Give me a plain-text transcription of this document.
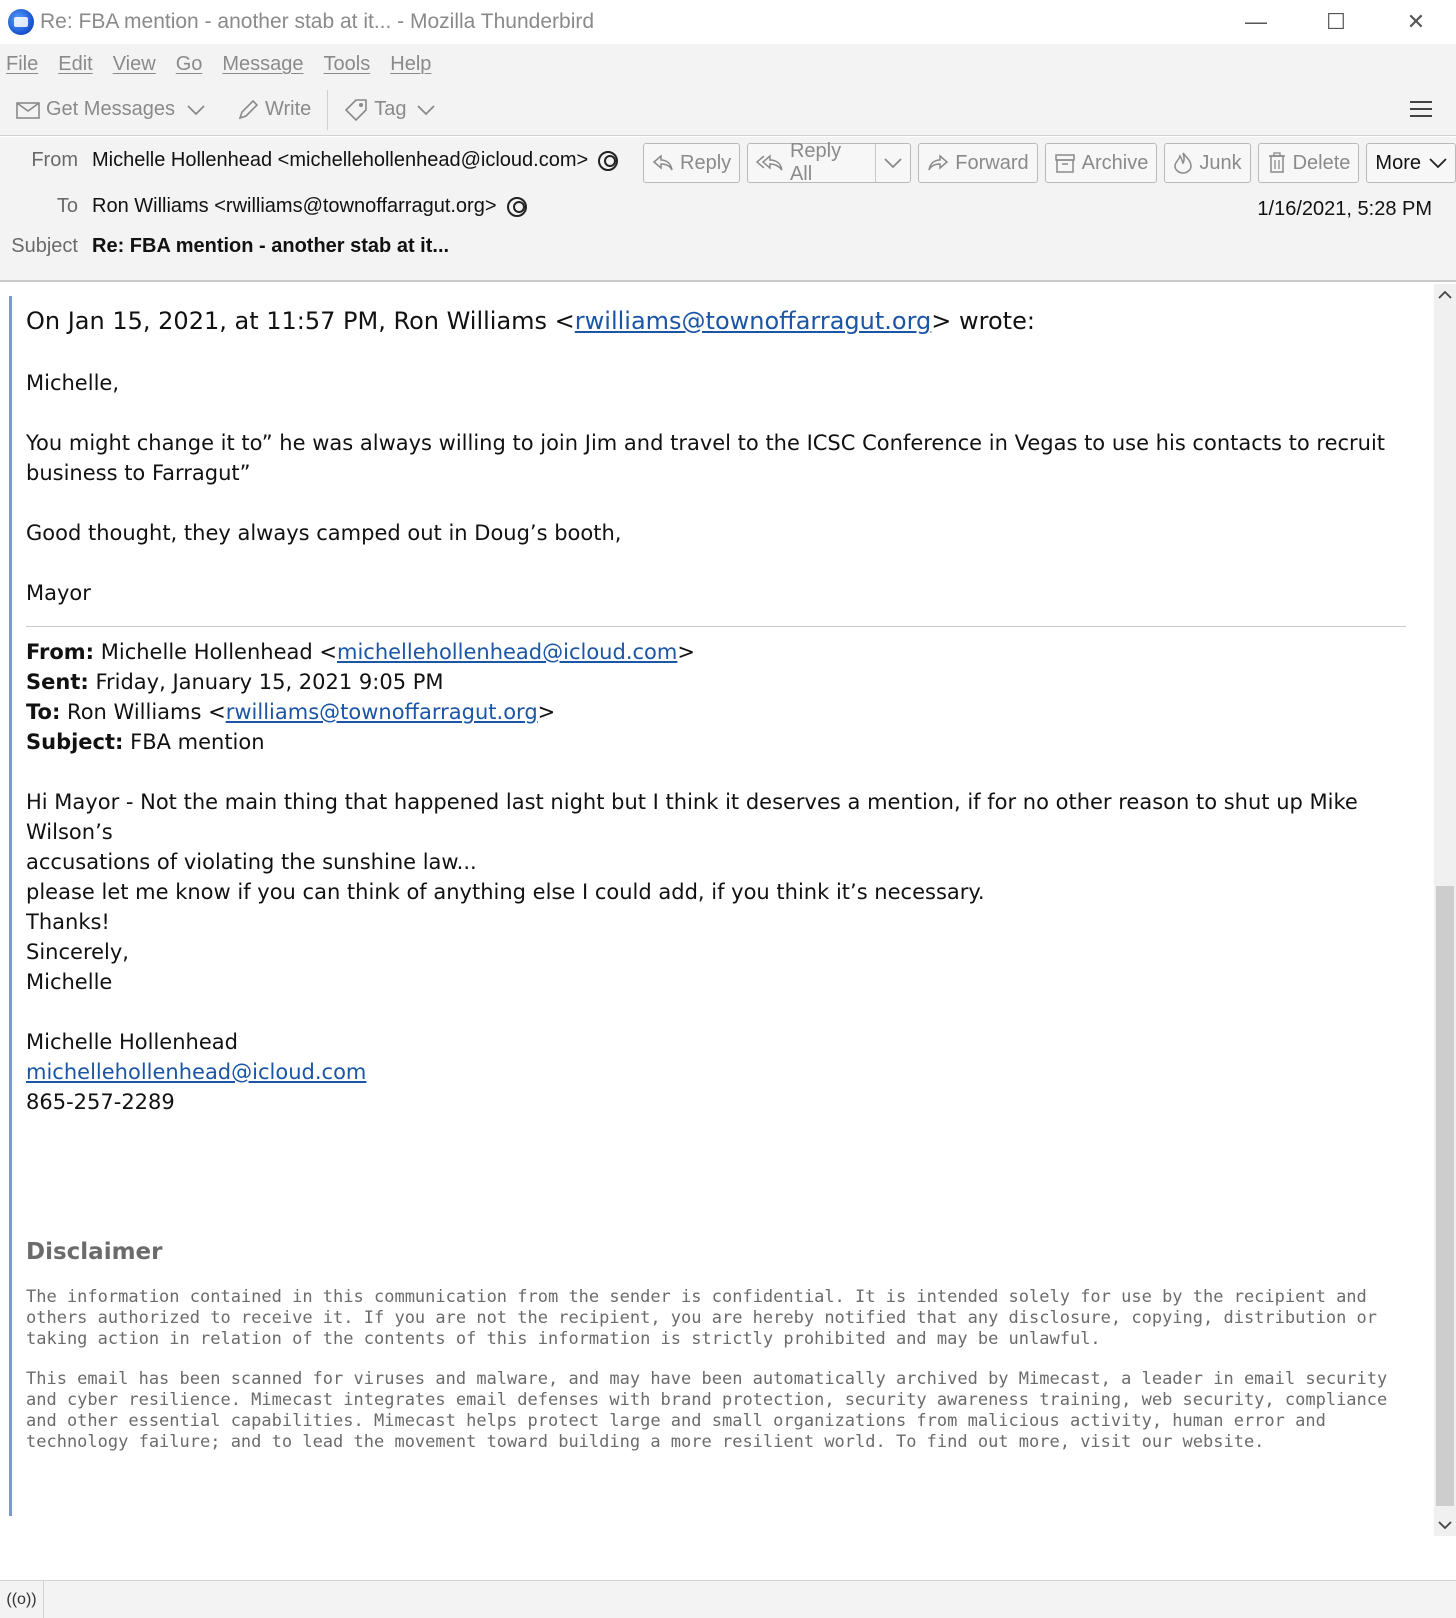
Re: FBA mention - another stab at it... - Mozilla Thunderbird	—	☐	✕
File Edit View Go Message Tools Help
Get Messages	Write	Tag
From Michelle Hollenhead <michellehollenhead@icloud.com>
To Ron Williams <rwilliams@townoffarragut.org>
Subject Re: FBA mention - another stab at it...
1/16/2021, 5:28 PM
Reply
Reply All
Forward	Archive	Junk	Delete More

On Jan 15, 2021, at 11:57 PM, Ron Williams <rwilliams@townoffarragut.org> wrote:

Michelle,

You might change it to” he was always willing to join Jim and travel to the ICSC Conference in Vegas to use his contacts to recruit

business to Farragut”

Good thought, they always camped out in Doug’s booth,

Mayor

From: Michelle Hollenhead <michellehollenhead@icloud.com>

Sent: Friday, January 15, 2021 9:05 PM

To: Ron Williams <rwilliams@townoffarragut.org>

Subject: FBA mention

Hi Mayor - Not the main thing that happened last night but I think it deserves a mention, if for no other reason to shut up Mike Wilson’s

accusations of violating the sunshine law...

please let me know if you can think of anything else I could add, if you think it’s necessary.

Thanks!

Sincerely,

Michelle

Michelle Hollenhead

michellehollenhead@icloud.com

865-257-2289

Disclaimer
The information contained in this communication from the sender is confidential. It is intended solely for use by the recipient and others authorized to receive it. If you are not the recipient, you are hereby notified that any disclosure, copying, distribution or taking action in relation of the contents of this information is strictly prohibited and may be unlawful.
This email has been scanned for viruses and malware, and may have been automatically archived by Mimecast, a leader in email security and cyber resilience. Mimecast integrates email defenses with brand protection, security awareness training, web security, compliance and other essential capabilities. Mimecast helps protect large and small organizations from malicious activity, human error and technology failure; and to lead the movement toward building a more resilient world. To find out more, visit our website.
((o))
